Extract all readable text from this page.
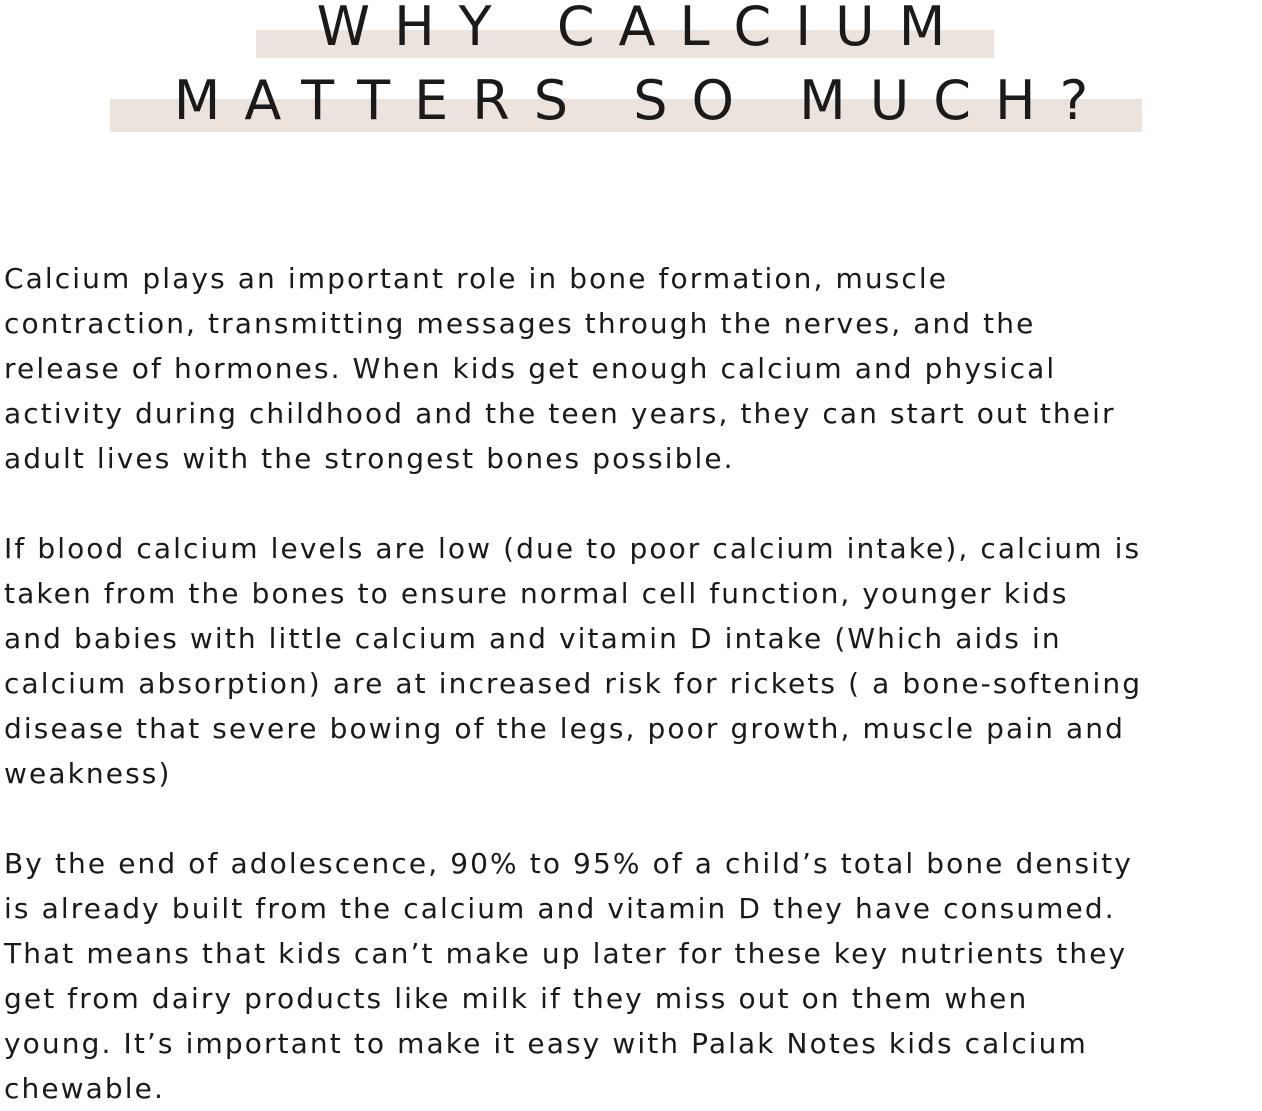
WHY CALCIUM
MATTERS SO MUCH?

Calcium plays an important role in bone formation, muscle
contraction, transmitting messages through the nerves, and the
release of hormones. When kids get enough calcium and physical
activity during childhood and the teen years, they can start out their
adult lives with the strongest bones possible.

If blood calcium levels are low (due to poor calcium intake), calcium is
taken from the bones to ensure normal cell function, younger kids
and babies with little calcium and vitamin D intake (Which aids in
calcium absorption) are at increased risk for rickets ( a bone-softening
disease that severe bowing of the legs, poor growth, muscle pain and
weakness)

By the end of adolescence, 90% to 95% of a child’s total bone density
is already built from the calcium and vitamin D they have consumed.
That means that kids can’t make up later for these key nutrients they
get from dairy products like milk if they miss out on them when
young. It’s important to make it easy with Palak Notes kids calcium
chewable.
